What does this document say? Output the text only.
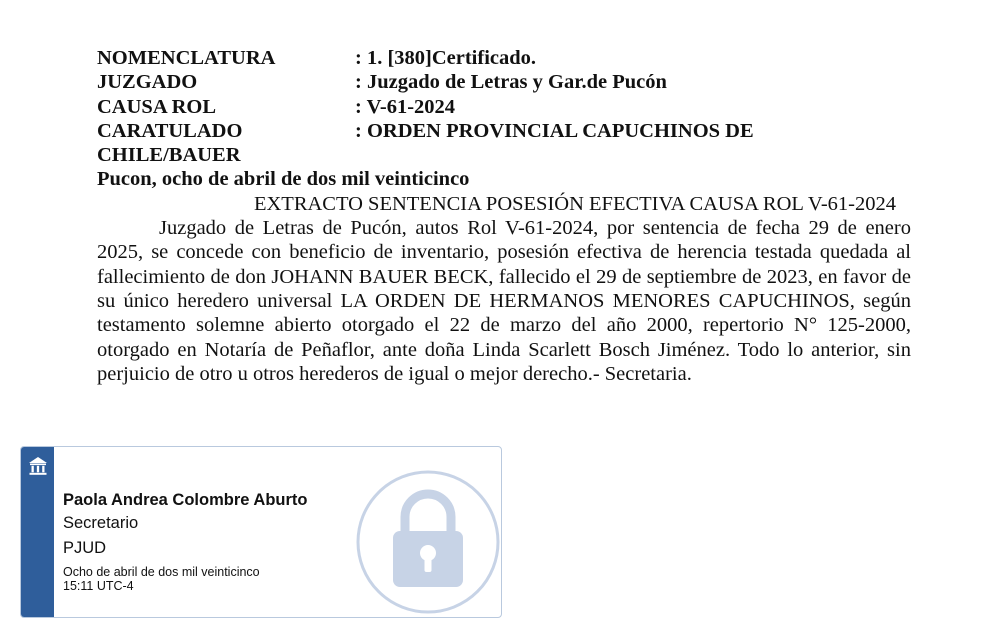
NOMENCLATURA	: 1. [380]Certificado.
JUZGADO	: Juzgado de Letras y Gar.de Pucón
CAUSA ROL	: V-61-2024
CARATULADO	: ORDEN PROVINCIAL CAPUCHINOS DE
CHILE/BAUER
Pucon, ocho de abril de dos mil veinticinco
EXTRACTO SENTENCIA POSESIÓN EFECTIVA CAUSA ROL V-61-2024

Juzgado de Letras de Pucón, autos Rol V-61-2024, por sentencia de fecha 29 de enero 2025, se concede con beneficio de inventario, posesión efectiva de herencia testada quedada al fallecimiento de don JOHANN BAUER BECK, fallecido el 29 de septiembre de 2023, en favor de su único heredero universal LA ORDEN DE HERMANOS MENORES CAPUCHINOS, según testamento solemne abierto otorgado el 22 de marzo del año 2000, repertorio N° 125-2000, otorgado en Notaría de Peñaflor, ante doña Linda Scarlett Bosch Jiménez. Todo lo anterior, sin perjuicio de otro u otros herederos de igual o mejor derecho.- Secretaria.

Paola Andrea Colombre Aburto
Secretario
PJUD
Ocho de abril de dos mil veinticinco
15:11 UTC-4
